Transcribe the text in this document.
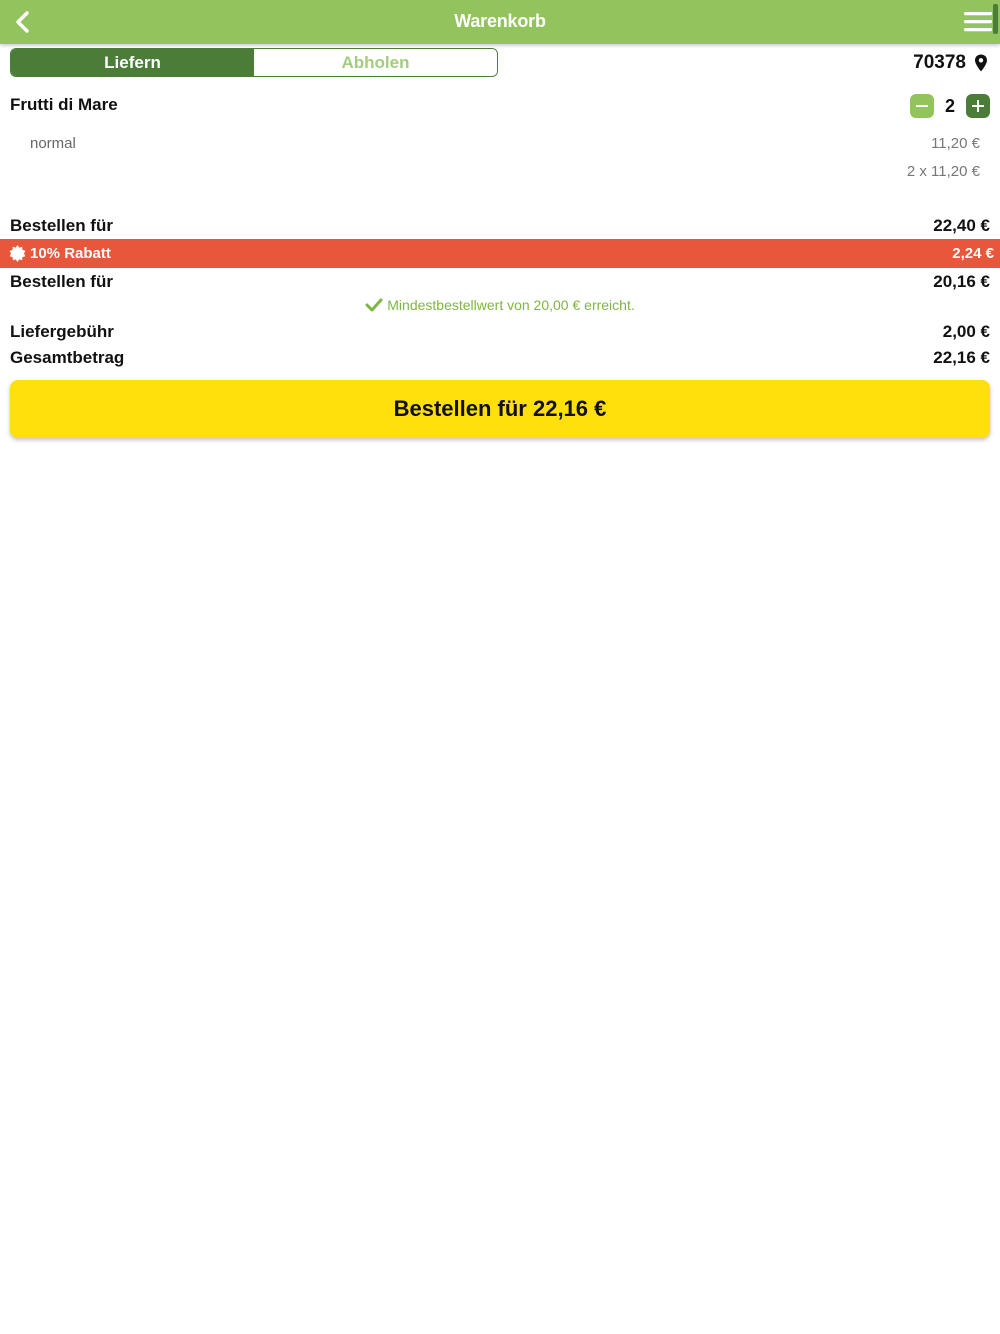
Warenkorb
Liefern	Abholen	70378
Frutti di Mare	2
normal	11,20 €
2 x 11,20 €
Bestellen für	22,40 €
10% Rabatt	2,24 €
Bestellen für	20,16 €
Mindestbestellwert von 20,00 € erreicht.
Liefergebühr	2,00 €
Gesamtbetrag	22,16 €
Bestellen für 22,16 €
